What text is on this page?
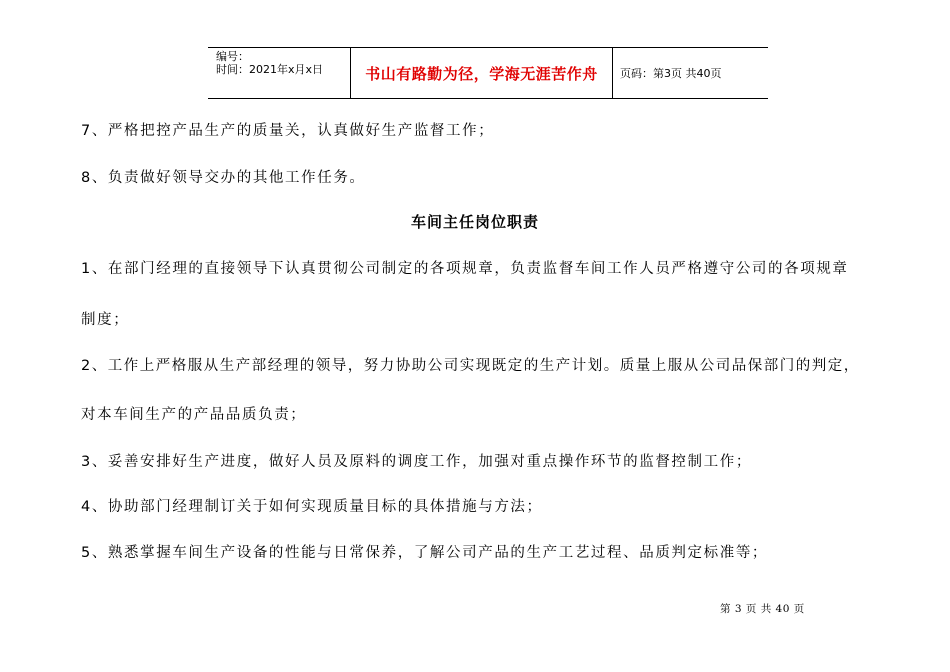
编号：
时间：2021年x月x日	书山有路勤为径，学海无涯苦作舟	页码：第3页 共40页
7、严格把控产品生产的质量关，认真做好生产监督工作；
8、负责做好领导交办的其他工作任务。
车间主任岗位职责
1、在部门经理的直接领导下认真贯彻公司制定的各项规章，负责监督车间工作人员严格遵守公司的各项规章
制度；
2、工作上严格服从生产部经理的领导，努力协助公司实现既定的生产计划。质量上服从公司品保部门的判定，
对本车间生产的产品品质负责；
3、妥善安排好生产进度，做好人员及原料的调度工作，加强对重点操作环节的监督控制工作；
4、协助部门经理制订关于如何实现质量目标的具体措施与方法；
5、熟悉掌握车间生产设备的性能与日常保养，了解公司产品的生产工艺过程、品质判定标准等；
第 3 页 共 40 页
